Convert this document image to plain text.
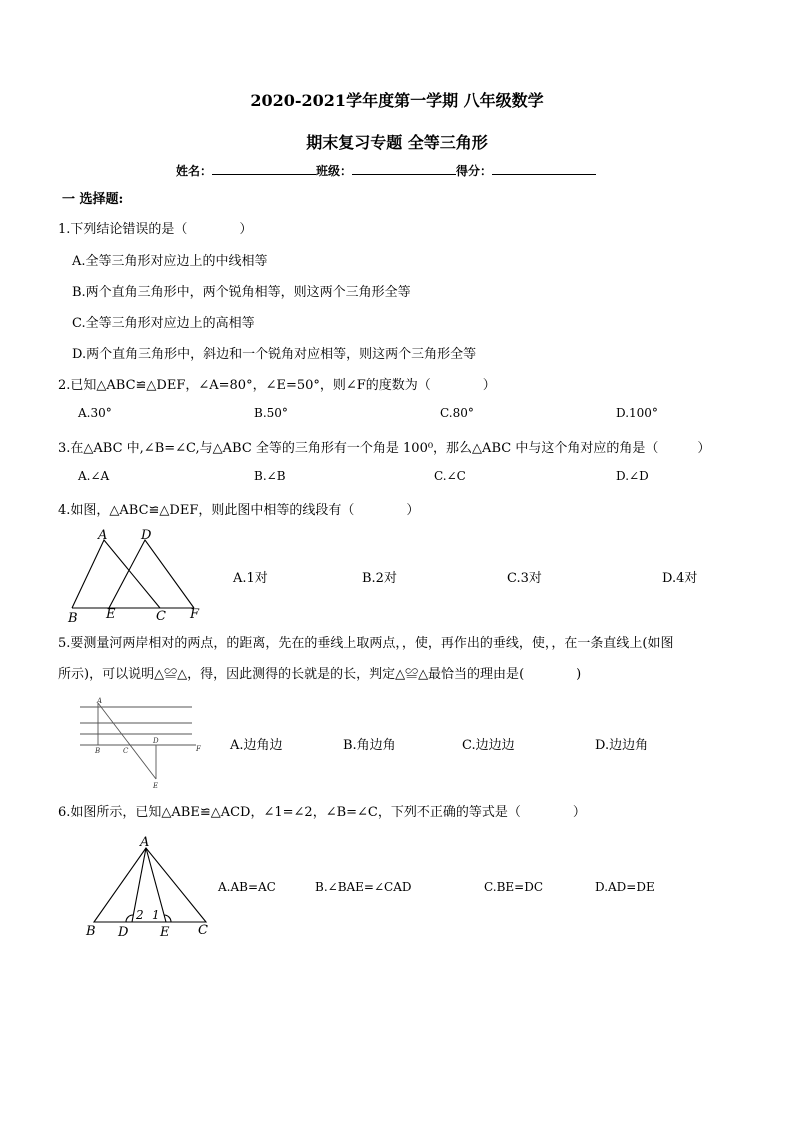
2020-2021学年度第一学期 八年级数学
期末复习专题 全等三角形
姓名：	班级：	得分：
一 选择题:
1.下列结论错误的是（　　　　）
A.全等三角形对应边上的中线相等
B.两个直角三角形中，两个锐角相等，则这两个三角形全等
C.全等三角形对应边上的高相等
D.两个直角三角形中，斜边和一个锐角对应相等，则这两个三角形全等
2.已知△ABC≌△DEF，∠A=80°，∠E=50°，则∠F的度数为（　　　　）
A.30°	B.50°	C.80°	D.100°
3.在△ABC 中,∠B=∠C,与△ABC 全等的三角形有一个角是 100⁰，那么△ABC 中与这个角对应的角是（　　　）
A.∠A	B.∠B	C.∠C	D.∠D
4.如图，△ABC≌△DEF，则此图中相等的线段有（　　　　）
A	D
B E	C F
A.1对	B.2对	C.3对	D.4对
5.要测量河两岸相对的两点，的距离，先在的垂线上取两点，，使，再作出的垂线，使，，在一条直线上(如图
所示)，可以说明△≌△，得，因此测得的长就是的长，判定△≌△最恰当的理由是(　　　　)
A
B	C
D
F
E
A.边角边	B.角边角	C.边边边	D.边边角
6.如图所示，已知△ABE≌△ACD，∠1=∠2，∠B=∠C，下列不正确的等式是（　　　　）
A
B D E C
2 1
A.AB=AC	B.∠BAE=∠CAD	C.BE=DC	D.AD=DE
